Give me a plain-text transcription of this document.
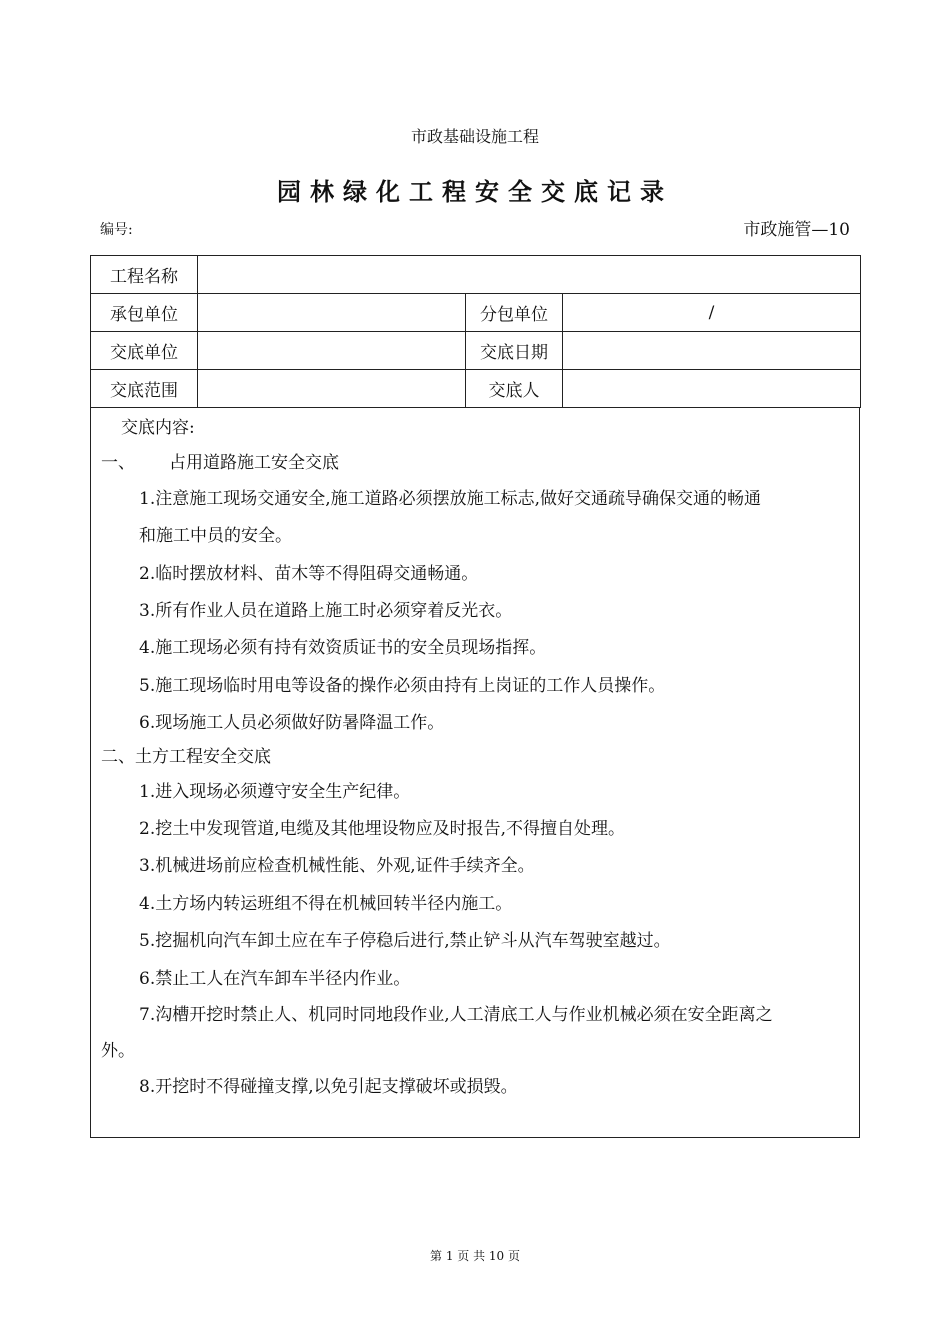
市政基础设施工程
园林绿化工程安全交底记录
编号:	市政施管—10
工程名称			
承包单位		分包单位	/
交底单位		交底日期	
交底范围		交底人	

交底内容:

一、 占用道路施工安全交底

1.注意施工现场交通安全,施工道路必须摆放施工标志,做好交通疏导确保交通的畅通

和施工中员的安全。

2.临时摆放材料、苗木等不得阻碍交通畅通。

3.所有作业人员在道路上施工时必须穿着反光衣。

4.施工现场必须有持有效资质证书的安全员现场指挥。

5.施工现场临时用电等设备的操作必须由持有上岗证的工作人员操作。

6.现场施工人员必须做好防暑降温工作。

二、土方工程安全交底

1.进入现场必须遵守安全生产纪律。

2.挖土中发现管道,电缆及其他埋设物应及时报告,不得擅自处理。

3.机械进场前应检查机械性能、外观,证件手续齐全。

4.土方场内转运班组不得在机械回转半径内施工。

5.挖掘机向汽车卸土应在车子停稳后进行,禁止铲斗从汽车驾驶室越过。

6.禁止工人在汽车卸车半径内作业。

7.沟槽开挖时禁止人、机同时同地段作业,人工清底工人与作业机械必须在安全距离之

外。

8.开挖时不得碰撞支撑,以免引起支撑破坏或损毁。

第 1 页 共 10 页
